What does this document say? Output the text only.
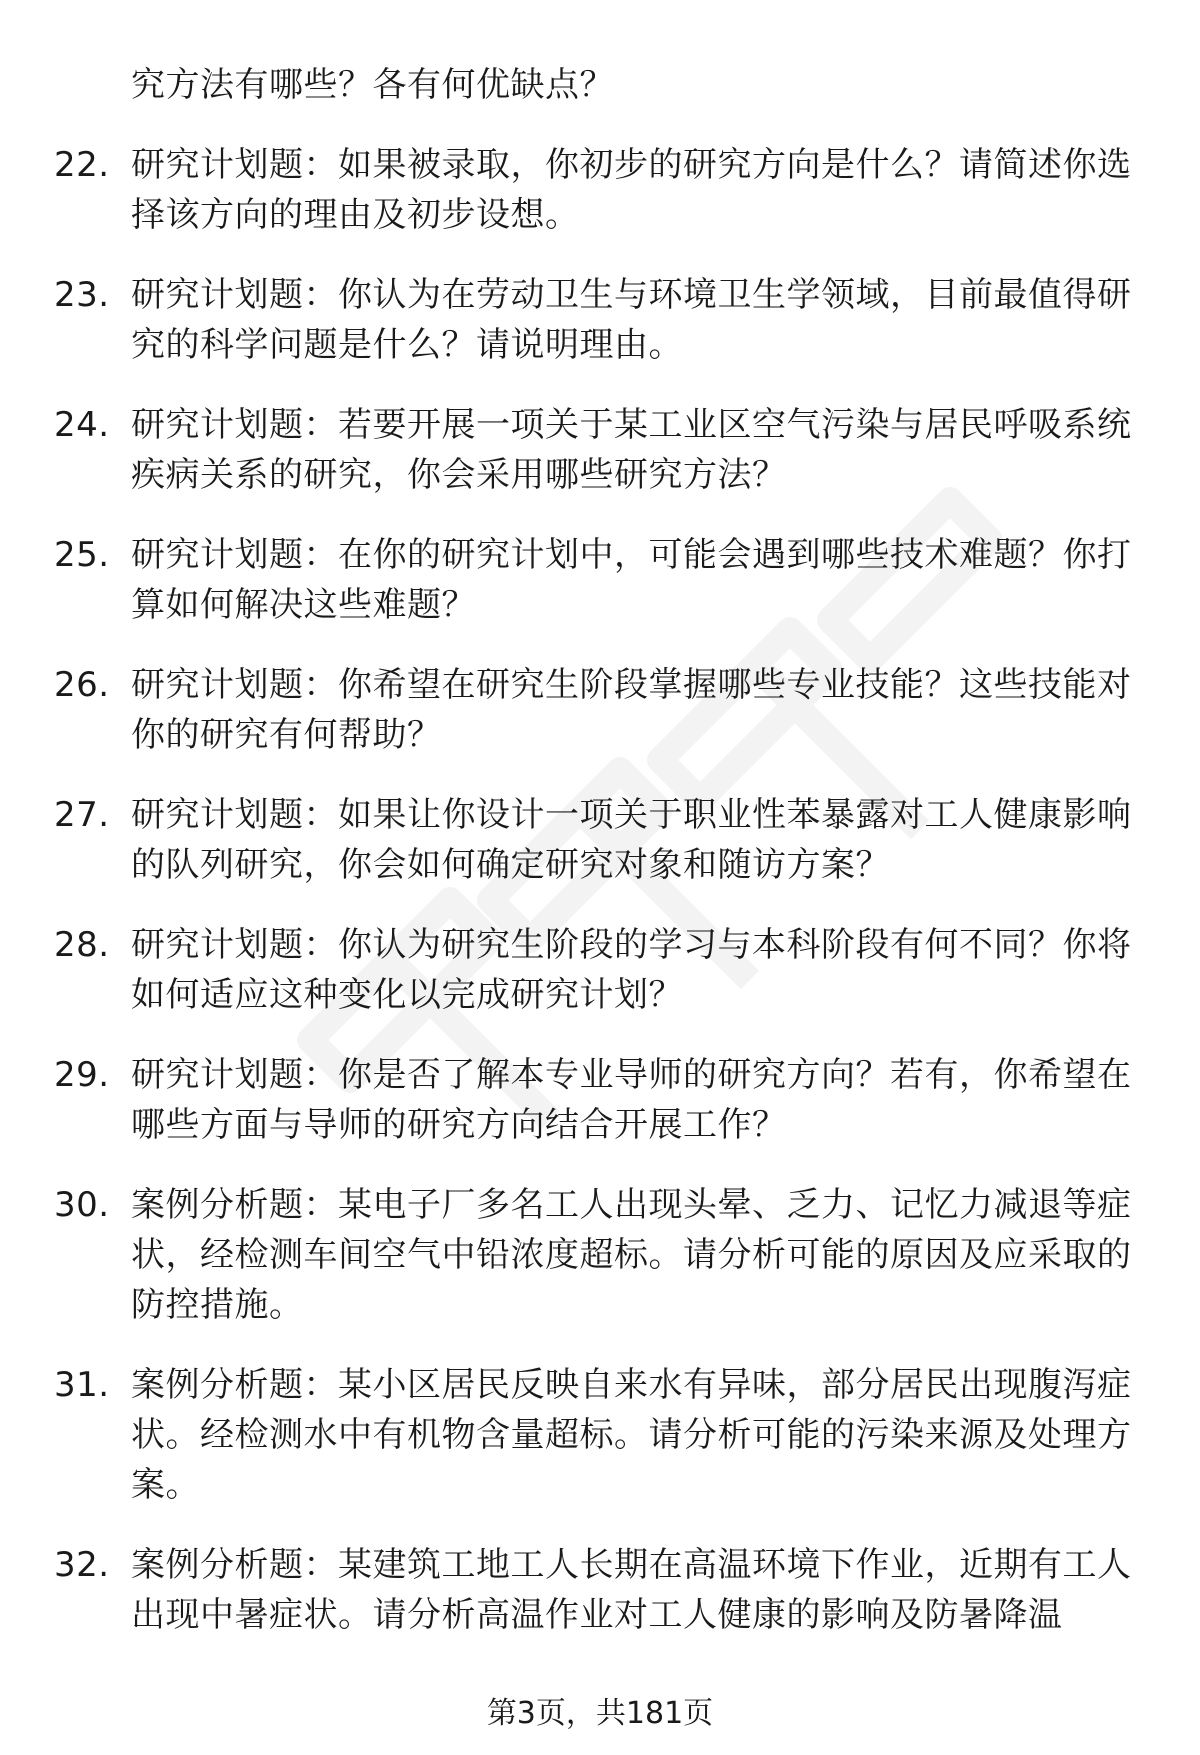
究方法有哪些？各有何优缺点？
22. 研究计划题：如果被录取，你初步的研究方向是什么？请简述你选择该方向的理由及初步设想。
23. 研究计划题：你认为在劳动卫生与环境卫生学领域，目前最值得研究的科学问题是什么？请说明理由。
24. 研究计划题：若要开展一项关于某工业区空气污染与居民呼吸系统疾病关系的研究，你会采用哪些研究方法？
25. 研究计划题：在你的研究计划中，可能会遇到哪些技术难题？你打算如何解决这些难题？
26. 研究计划题：你希望在研究生阶段掌握哪些专业技能？这些技能对你的研究有何帮助？
27. 研究计划题：如果让你设计一项关于职业性苯暴露对工人健康影响的队列研究，你会如何确定研究对象和随访方案？
28. 研究计划题：你认为研究生阶段的学习与本科阶段有何不同？你将如何适应这种变化以完成研究计划？
29. 研究计划题：你是否了解本专业导师的研究方向？若有，你希望在哪些方面与导师的研究方向结合开展工作？
30. 案例分析题：某电子厂多名工人出现头晕、乏力、记忆力减退等症状，经检测车间空气中铅浓度超标。请分析可能的原因及应采取的防控措施。
31. 案例分析题：某小区居民反映自来水有异味，部分居民出现腹泻症状。经检测水中有机物含量超标。请分析可能的污染来源及处理方案。
32. 案例分析题：某建筑工地工人长期在高温环境下作业，近期有工人出现中暑症状。请分析高温作业对工人健康的影响及防暑降温
第3页，共181页
